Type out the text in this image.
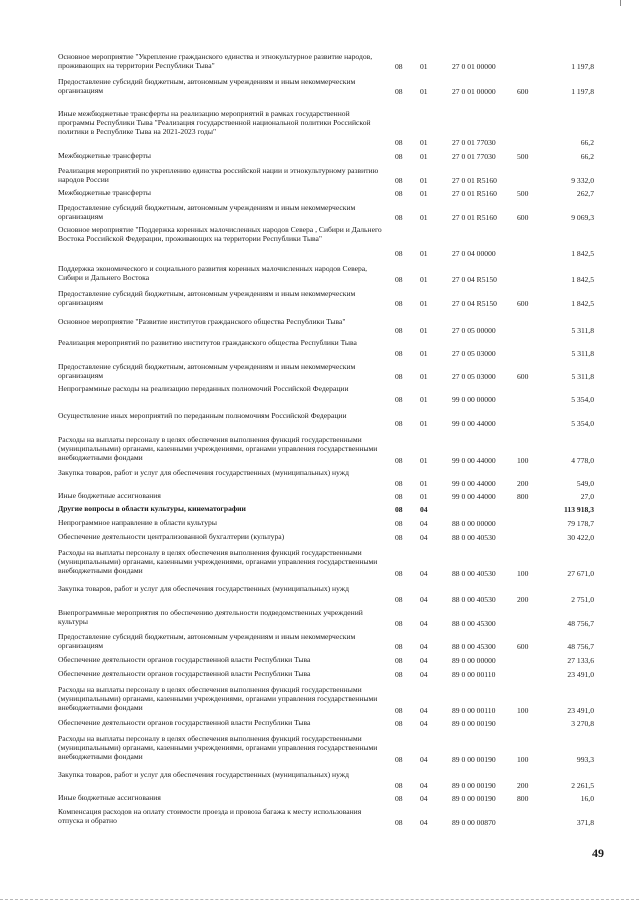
Основное мероприятие "Укрепление гражданского единства и этнокультурное развитие народов, проживающих на территории Республики Тыва"	08 01	27 0 01 00000	1 197,8
Предоставление субсидий бюджетным, автономным учреждениям и иным некоммерческим организациям	08 01	27 0 01 00000	600	1 197,8
Иные межбюджетные трансферты на реализацию мероприятий в рамках государственной программы Республики Тыва "Реализация государственной национальной политики Российской политики в Республике Тыва на 2021-2023 годы"
08 01	27 0 01 77030	66,2
Межбюджетные трансферты	08 01	27 0 01 77030	500	66,2
Реализация мероприятий по укреплению единства российской нации и этнокультурному развитию народов России	08 01	27 0 01 R5160	9 332,0
Межбюджетные трансферты	08 01	27 0 01 R5160	500	262,7
Предоставление субсидий бюджетным, автономным учреждениям и иным некоммерческим организациям	08 01	27 0 01 R5160	600	9 069,3
Основное мероприятие "Поддержка коренных малочисленных народов Севера , Сибири и Дальнего Востока Российской Федерации, проживающих на территории Республики Тыва"
08 01	27 0 04 00000	1 842,5
Поддержка экономического и социального развития коренных малочисленных народов Севера, Сибири и Дальнего Востока	08 01	27 0 04 R5150	1 842,5
Предоставление субсидий бюджетным, автономным учреждениям и иным некоммерческим организациям	08 01	27 0 04 R5150	600	1 842,5
Основное мероприятие "Развитие институтов гражданского общества Республики Тыва"
08 01	27 0 05 00000	5 311,8
Реализация мероприятий по развитию институтов гражданского общества Республики Тыва
08 01	27 0 05 03000	5 311,8
Предоставление субсидий бюджетным, автономным учреждениям и иным некоммерческим организациям	08 01	27 0 05 03000	600	5 311,8
Непрограммные расходы на реализацию переданных полномочий Российской Федерации
08 01	99 0 00 00000	5 354,0
Осуществление иных мероприятий по переданным полномочиям Российской Федерации
08 01	99 0 00 44000	5 354,0
Расходы на выплаты персоналу в целях обеспечения выполнения функций государственными (муниципальными) органами, казенными учреждениями, органами управления государственными внебюджетными фондами	08 01	99 0 00 44000	100	4 778,0
Закупка товаров, работ и услуг для обеспечения государственных (муниципальных) нужд
08 01	99 0 00 44000	200	549,0
Иные бюджетные ассигнования	08 01	99 0 00 44000	800	27,0
Другие вопросы в области культуры, кинематографии	08 04	113 918,3
Непрограммное направление в области культуры	08 04	88 0 00 00000	79 178,7
Обеспечение деятельности централизованной бухгалтерии (культура)	08 04	88 0 00 40530	30 422,0
Расходы на выплаты персоналу в целях обеспечения выполнения функций государственными (муниципальными) органами, казенными учреждениями, органами управления государственными внебюджетными фондами	08 04	88 0 00 40530	100	27 671,0
Закупка товаров, работ и услуг для обеспечения государственных (муниципальных) нужд
08 04	88 0 00 40530	200	2 751,0
Внепрограммные мероприятия по обеспечению деятельности подведомственных учреждений культуры	08 04	88 0 00 45300	48 756,7
Предоставление субсидий бюджетным, автономным учреждениям и иным некоммерческим организациям	08 04	88 0 00 45300	600	48 756,7
Обеспечение деятельности органов государственной власти Республики Тыва	08 04	89 0 00 00000	27 133,6
Обеспечение деятельности органов государственной власти Республики Тыва	08 04	89 0 00 00110	23 491,0
Расходы на выплаты персоналу в целях обеспечения выполнения функций государственными (муниципальными) органами, казенными учреждениями, органами управления государственными внебюджетными фондами	08 04	89 0 00 00110	100	23 491,0
Обеспечение деятельности органов государственной власти Республики Тыва	08 04	89 0 00 00190	3 270,8
Расходы на выплаты персоналу в целях обеспечения выполнения функций государственными (муниципальными) органами, казенными учреждениями, органами управления государственными внебюджетными фондами	08 04	89 0 00 00190	100	993,3
Закупка товаров, работ и услуг для обеспечения государственных (муниципальных) нужд
08 04	89 0 00 00190	200	2 261,5
Иные бюджетные ассигнования	08 04	89 0 00 00190	800	16,0
Компенсация расходов на оплату стоимости проезда и провоза багажа к месту использования отпуска и обратно	08 04	89 0 00 00870	371,8
49
